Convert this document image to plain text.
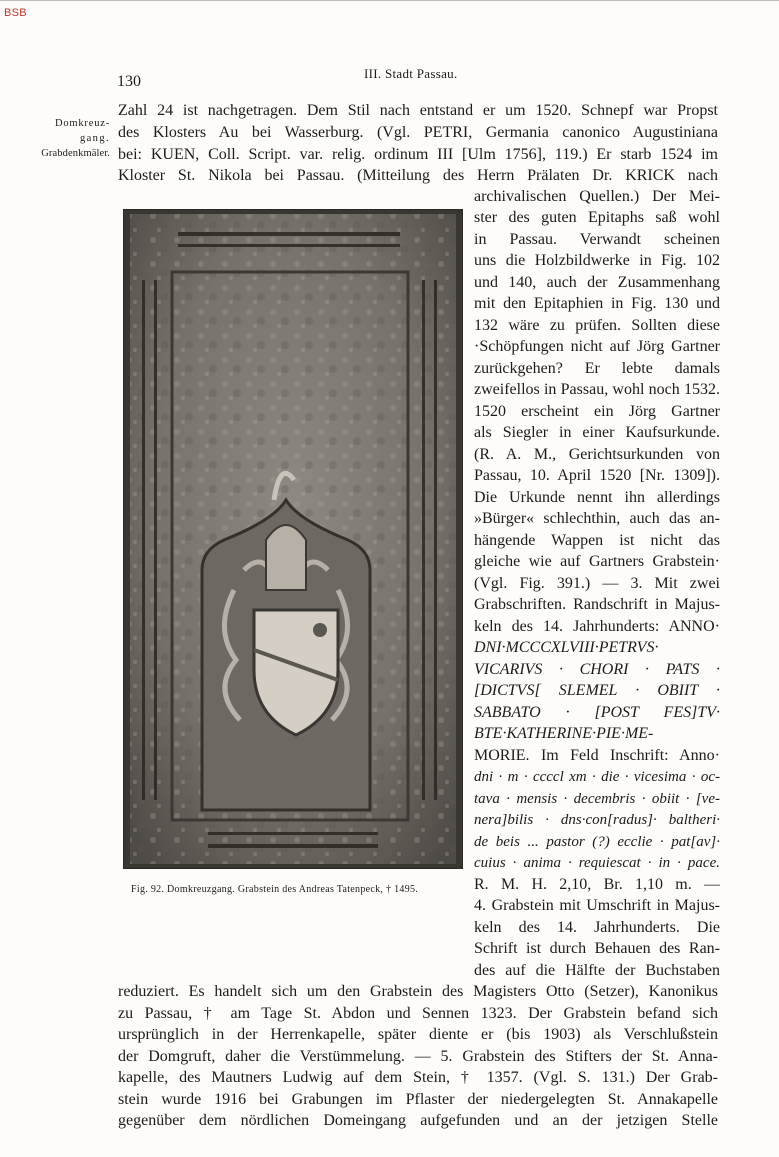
BSB
130	III. Stadt Passau.
Domkreuz-
gang.
Grabdenkmäler.
Zahl 24 ist nachgetragen. Dem Stil nach entstand er um 1520. Schnepf war Propst
des Klosters Au bei Wasserburg. (Vgl. PETRI, Germania canonico Augustiniana
bei: KUEN, Coll. Script. var. relig. ordinum III [Ulm 1756], 119.) Er starb 1524 im
Kloster St. Nikola bei Passau. (Mitteilung des Herrn Prälaten Dr. KRICK nach
archivalischen Quellen.) Der Mei-
ster des guten Epitaphs saß wohl
in Passau. Verwandt scheinen
uns die Holzbildwerke in Fig. 102
und 140, auch der Zusammenhang
mit den Epitaphien in Fig. 130 und
132 wäre zu prüfen. Sollten diese
·Schöpfungen nicht auf Jörg Gartner
zurückgehen? Er lebte damals
zweifellos in Passau, wohl noch 1532.
1520 erscheint ein Jörg Gartner
als Siegler in einer Kaufsurkunde.
(R. A. M., Gerichtsurkunden von
Passau, 10. April 1520 [Nr. 1309]).
Die Urkunde nennt ihn allerdings
»Bürger« schlechthin, auch das an-
hängende Wappen ist nicht das
gleiche wie auf Gartners Grabstein·
(Vgl. Fig. 391.) — 3. Mit zwei
Grabschriften. Randschrift in Majus-
keln des 14. Jahrhunderts: ANNO·
DNI·MCCCXLVIII·PETRVS·
VICARIVS · CHORI · PATS ·
[DICTVS[ SLEMEL · OBIIT ·
SABBATO · [POST FES]TV·
BTE·KATHERINE·PIE·ME-
MORIE. Im Feld Inschrift: Anno·
dni · m · ccccl xm · die · vicesima · oc-
tava · mensis · decembris · obiit · [ve-
nera]bilis · dns·con[radus]· baltheri·
de beis ... pastor (?) ecclie · pat[av]·
cuius · anima · requiescat · in · pace.
R. M. H. 2,10, Br. 1,10 m. —
4. Grabstein mit Umschrift in Majus-
keln des 14. Jahrhunderts. Die
Schrift ist durch Behauen des Ran-
des auf die Hälfte der Buchstaben
reduziert. Es handelt sich um den Grabstein des Magisters Otto (Setzer), Kanonikus
zu Passau, † am Tage St. Abdon und Sennen 1323. Der Grabstein befand sich
ursprünglich in der Herrenkapelle, später diente er (bis 1903) als Verschlußstein
der Domgruft, daher die Verstümmelung. — 5. Grabstein des Stifters der St. Anna-
kapelle, des Mautners Ludwig auf dem Stein, † 1357. (Vgl. S. 131.) Der Grab-
stein wurde 1916 bei Grabungen im Pflaster der niedergelegten St. Annakapelle
gegenüber dem nördlichen Domeingang aufgefunden und an der jetzigen Stelle
Fig. 92. Domkreuzgang. Grabstein des Andreas Tatenpeck, † 1495.
